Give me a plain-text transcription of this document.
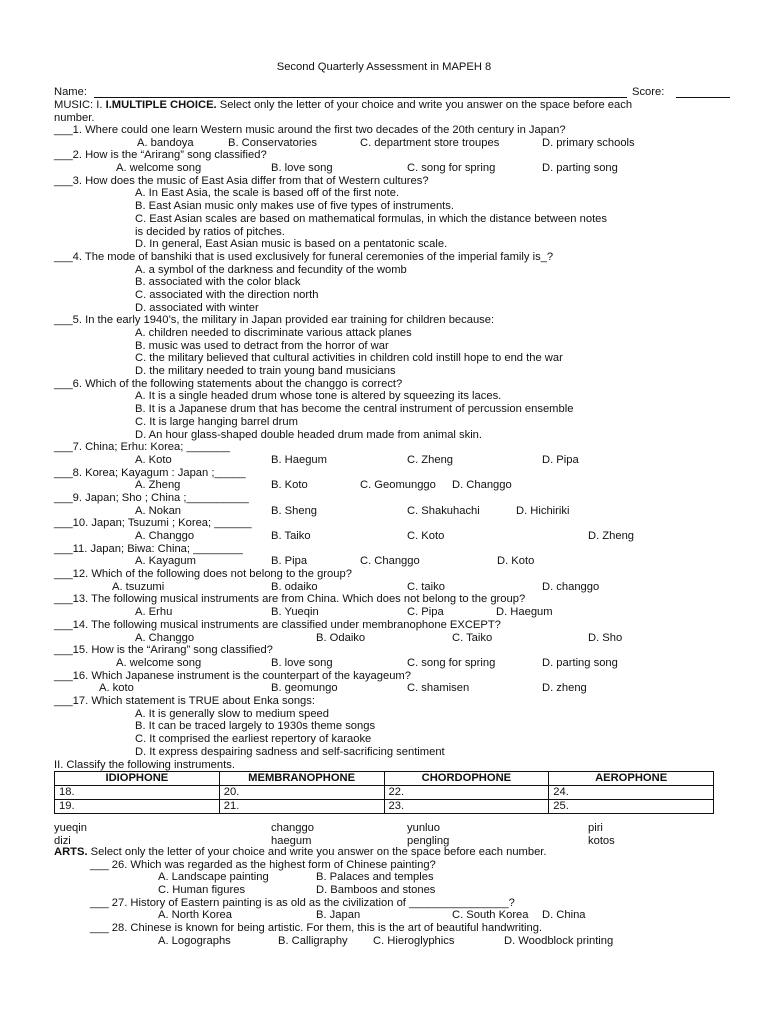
Second Quarterly Assessment in MAPEH 8
Name:	Score:
MUSIC: I. I.MULTIPLE CHOICE. Select only the letter of your choice and write you answer on the space before each
number.
___1. Where could one learn Western music around the first two decades of the 20th century in Japan?
A. bandoya	B. Conservatories	C. department store troupes	D. primary schools
___2. How is the “Arirang” song classified?
A. welcome song	B. love song	C. song for spring	D. parting song
___3. How does the music of East Asia differ from that of Western cultures?
A. In East Asia, the scale is based off of the first note.
B. East Asian music only makes use of five types of instruments.
C. East Asian scales are based on mathematical formulas, in which the distance between notes
is decided by ratios of pitches.
D. In general, East Asian music is based on a pentatonic scale.
___4. The mode of banshiki that is used exclusively for funeral ceremonies of the imperial family is_?
A. a symbol of the darkness and fecundity of the womb
B. associated with the color black
C. associated with the direction north
D. associated with winter
___5. In the early 1940’s, the military in Japan provided ear training for children because:
A. children needed to discriminate various attack planes
B. music was used to detract from the horror of war
C. the military believed that cultural activities in children cold instill hope to end the war
D. the military needed to train young band musicians
___6. Which of the following statements about the changgo is correct?
A. It is a single headed drum whose tone is altered by squeezing its laces.
B. It is a Japanese drum that has become the central instrument of percussion ensemble
C. It is large hanging barrel drum
D. An hour glass-shaped double headed drum made from animal skin.
___7. China; Erhu: Korea; _______
A. Koto	B. Haegum	C. Zheng	D. Pipa
___8. Korea; Kayagum : Japan ;_____
A. Zheng	B. Koto	C. Geomunggo D. Changgo
___9. Japan; Sho ; China ;__________
A. Nokan	B. Sheng	C. Shakuhachi	D. Hichiriki
___10. Japan; Tsuzumi ; Korea; ______
A. Changgo	B. Taiko	C. Koto	D. Zheng
___11. Japan; Biwa: China; ________
A. Kayagum	B. Pipa	C. Changgo	D. Koto
___12. Which of the following does not belong to the group?
A. tsuzumi	B. odaiko	C. taiko	D. changgo
___13. The following musical instruments are from China. Which does not belong to the group?
A. Erhu	B. Yueqin	C. Pipa	D. Haegum
___14. The following musical instruments are classified under membranophone EXCEPT?
A. Changgo	B. Odaiko	C. Taiko	D. Sho
___15. How is the “Arirang” song classified?
A. welcome song	B. love song	C. song for spring	D. parting song
___16. Which Japanese instrument is the counterpart of the kayageum?
A. koto	B. geomungo	C. shamisen	D. zheng
___17. Which statement is TRUE about Enka songs:
A. It is generally slow to medium speed
B. It can be traced largely to 1930s theme songs
C. It comprised the earliest repertory of karaoke
D. It express despairing sadness and self-sacrificing sentiment
II. Classify the following instruments.
IDIOPHONE	MEMBRANOPHONE	CHORDOPHONE	AEROPHONE
18.	20.	22.	24.
19.	21.	23.	25.
yueqin	changgo	yunluo	piri
dizi	haegum	pengling	kotos
ARTS. Select only the letter of your choice and write you answer on the space before each number.
___ 26. Which was regarded as the highest form of Chinese painting?
A. Landscape painting	B. Palaces and temples
C. Human figures	D. Bamboos and stones
___ 27. History of Eastern painting is as old as the civilization of ________________?
A. North Korea	B. Japan	C. South Korea D. China
___ 28. Chinese is known for being artistic. For them, this is the art of beautiful handwriting.
A. Logographs	B. Calligraphy C. Hieroglyphics	D. Woodblock printing
